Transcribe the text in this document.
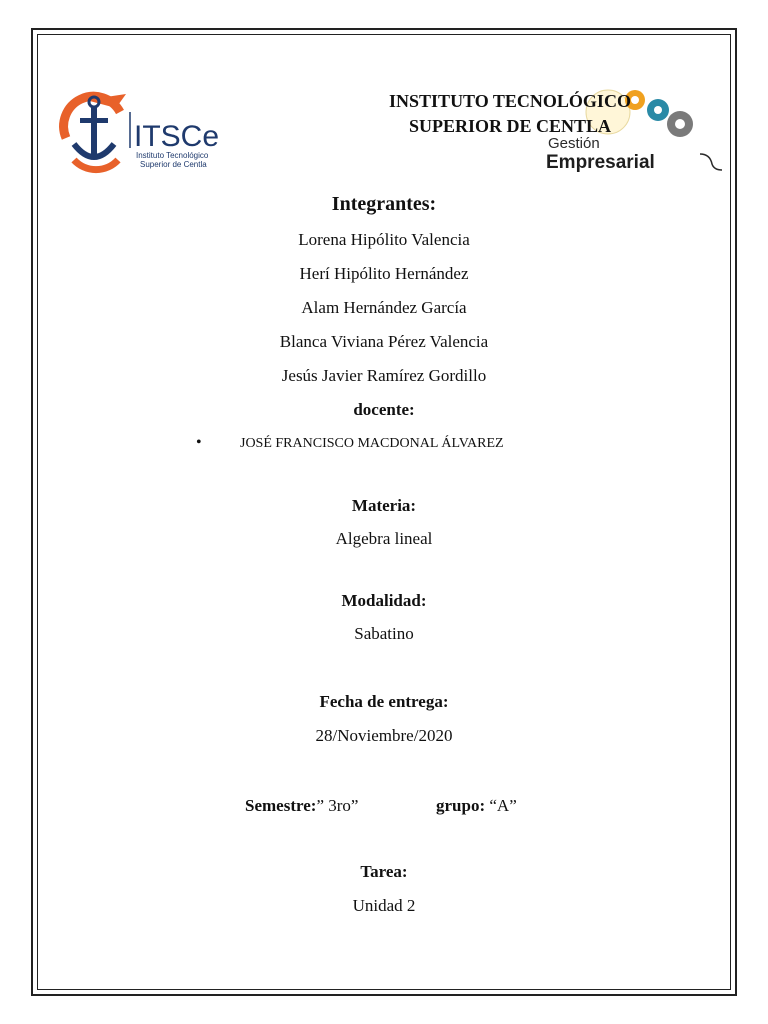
ITSCe
Instituto Tecnológico
Superior de Centla
Gestión
Empresarial
INSTITUTO TECNOLÓGICO
SUPERIOR DE CENTLA
Integrantes:
Lorena Hipólito Valencia
Herí Hipólito Hernández
Alam Hernández García
Blanca Viviana Pérez Valencia
Jesús Javier Ramírez Gordillo
docente:
•	JOSÉ FRANCISCO MACDONAL ÁLVAREZ
Materia:
Algebra lineal
Modalidad:
Sabatino
Fecha de entrega:
28/Noviembre/2020
Semestre:” 3ro”	grupo: “A”
Tarea:
Unidad 2
